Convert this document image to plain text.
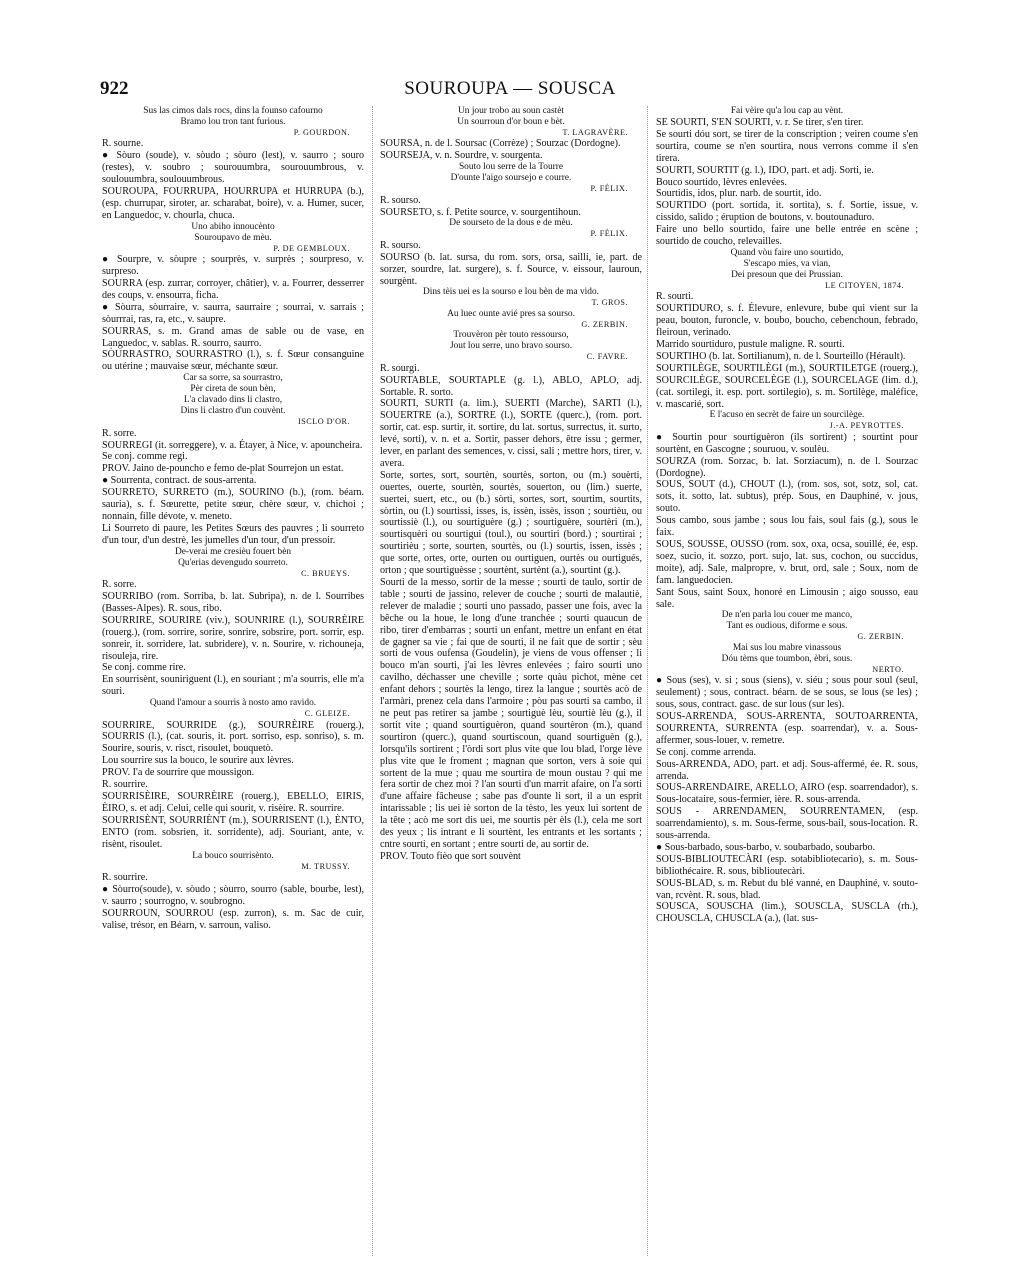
922	SOUROUPA — SOUSCA

Sus las cimos dals rocs, dins la founso cafourno

Bramo lou tron tant furious.

P. GOURDON.

R. sourne.

● Sòuro (soude), v. sòudo ; sòuro (lest), v. saurro ; souro (restes), v. soubro ; sourouumbra, sourouumbrous, v. soulouumbra, soulouumbrous.

SOUROUPA, FOURRUPA, HOURRUPA et HURRUPA (b.), (esp. churrupar, siroter, ar. scharabat, boire), v. a. Humer, sucer, en Languedoc, v. chourla, chuca.

Uno abiho innoucènto

Souroupavo de mèu.

P. DE GEMBLOUX.

● Sourpre, v. sòupre ; sourprès, v. surprès ; sourpreso, v. surpreso.

SOURRA (esp. zurrar, corroyer, châtier), v. a. Fourrer, desserrer des coups, v. ensourra, ficha.

● Sòurra, sòurraire, v. saurra, saurraire ; sourrai, v. sarrais ; sòurrrai, ras, ra, etc., v. saupre.

SOURRAS, s. m. Grand amas de sable ou de vase, en Languedoc, v. sablas. R. sourro, saurro.

SÒURRASTRO, SOURRASTRO (l.), s. f. Sœur consanguine ou utérine ; mauvaise sœur, méchante sœur.

Car sa sorre, sa sourrastro,

Pèr cireta de soun bèn,

L'a clavado dins li clastro,

Dins li clastro d'un couvènt.

ISCLO D'OR.

R. sorre.

SOURREGI (it. sorreggere), v. a. Étayer, à Nice, v. apouncheira.

Se conj. comme regi.

PROV. Jaino de-pouncho e femo de-plat Sourrejon un estat.

● Sourrenta, contract. de sous-arrenta.

SOURRETO, SURRETO (m.), SOURINO (b.), (rom. béarn. sauria), s. f. Sœurette, petite sœur, chère sœur, v. chichoi ; nonnain, fille dévote, v. meneto.

Li Sourreto di paure, les Petites Sœurs des pauvres ; li sourreto d'un tour, d'un destrè, les jumelles d'un tour, d'un pressoir.

De-verai me cresièu fouert bèn

Qu'erias devengudo sourreto.

C. BRUEYS.

R. sorre.

SOURRIBO (rom. Sorriba, b. lat. Subripa), n. de l. Sourribes (Basses-Alpes). R. sous, ribo.

SOURRIRE, SOURIRE (viv.), SOUNRIRE (l.), SOURRÈIRE (rouerg.), (rom. sorrire, sorire, sonrire, sobsrire, port. sorrir, esp. sonreir, it. sorridere, lat. subridere), v. n. Sourire, v. richouneja, risouleja, rire.

Se conj. comme rire.

En sourrisènt, souniriguent (l.), en souriant ; m'a sourris, elle m'a souri.

Quand l'amour a sourris à nosto amo ravido.

C. GLEIZE.

SOURRIRE, SOURRIDE (g.), SOURRÈIRE (rouerg.), SOURRIS (l.), (cat. souris, it. port. sorriso, esp. sonriso), s. m. Sourire, souris, v. risct, risoulet, bouquetò.

Lou sourrire sus la bouco, le sourire aux lèvres.

PROV. I'a de sourrire que moussigon.

R. sourrire.

SOURRISÈIRE, SOURRÈIRE (rouerg.), EBELLO, EIRIS, ÈIRO, s. et adj. Celui, celle qui sourit, v. risèire. R. sourrire.

SOURRISÈNT, SOURRIÈNT (m.), SOURRISENT (l.), ÈNTO, ENTO (rom. sobsrien, it. sorridente), adj. Souriant, ante, v. risènt, risoulet.

La bouco sourrisènto.

M. TRUSSY.

R. sourrire.

● Sòurro(soude), v. sòudo ; sòurro, sourro (sable, bourbe, lest), v. saurro ; sourrogno, v. soubrogno.

SOURROUN, SOURROU (esp. zurron), s. m. Sac de cuir, valise, trésor, en Béarn, v. sarroun, valiso.

Un jour trobo au soun castèt

Un sourroun d'or boun e bèt.

T. LAGRAVÈRE.

SOURSA, n. de l. Soursac (Corrèze) ; Sourzac (Dordogne).

SOURSEJA, v. n. Sourdre, v. sourgenta.

Souto lou serre de la Tourre

D'ounte l'aigo soursejo e courre.

P. FÉLIX.

R. sourso.

SOURSETO, s. f. Petite source, v. sourgentihoun.

De sourseto de la dous e de mèu.

P. FÉLIX.

R. sourso.

SOURSO (b. lat. sursa, du rom. sors, orsa, sailli, ie, part. de sorzer, sourdre, lat. surgere), s. f. Source, v. eissour, lauroun, sourgènt.

Dins tèis uei es la sourso e lou bèn de ma vido.

T. GROS.

Au luec ounte avié pres sa sourso.

G. ZERBIN.

Trouvèron pèr touto ressourso,

Jout lou serre, uno bravo sourso.

C. FAVRE.

R. sourgi.

SOURTABLE, SOURTAPLE (g. l.), ABLO, APLO, adj. Sortable. R. sorto.

SOURTI, SURTI (a. lim.), SUERTI (Marche), SARTI (l.), SOUERTRE (a.), SORTRE (l.), SORTE (querc.), (rom. port. sortir, cat. esp. surtir, it. sortire, du lat. sortus, surrectus, it. surto, levé, sorti), v. n. et a. Sortir, passer dehors, être issu ; germer, lever, en parlant des semences, v. cissi, sali ; mettre hors, tirer, v. avera.

Sorte, sortes, sort, sourtèn, sourtès, sorton, ou (m.) souèrti, ouertes, ouerte, sourtèn, sourtès, souerton, ou (lim.) suerte, suertei, suert, etc., ou (b.) sòrti, sortes, sort, sourtim, sourtits, sòrtin, ou (l.) sourtissi, isses, is, issèn, issès, isson ; sourtièu, ou sourtissiè (l.), ou sourtiguère (g.) ; sourtiguère, sourtèri (m.), sourtisquèri ou sourtigui (toul.), ou sourtiri (bord.) ; sourtirai ; sourtirièu ; sorte, sourten, sourtès, ou (l.) sourtis, issen, issès ; que sorte, ortes, orte, ourten ou ourtiguen, ourtès ou ourtigués, orton ; que sourtiguèsse ; sourtènt, surtènt (a.), sourtint (g.).

Sourti de la messo, sortir de la messe ; sourti de taulo, sortir de table ; sourti de jassino, relever de couche ; sourti de malautiè, relever de maladie ; sourti uno passado, passer une fois, avec la bêche ou la houe, le long d'une tranchée ; sourti quaucun de ribo, tirer d'embarras ; sourti un enfant, mettre un enfant en état de gagner sa vie ; fai que de sourti, il ne fait que de sortir ; sèu sorti de vous oufensa (Goudelin), je viens de vous offenser ; li bouco m'an sourti, j'ai les lèvres enlevées ; fairo sourti uno cavilho, déchasser une cheville ; sorte quàu pichot, mène cet enfant dehors ; sourtès la lengo, tirez la langue ; sourtès acò de l'armàri, prenez cela dans l'armoire ; pòu pas sourti sa cambo, il ne peut pas retirer sa jambe ; sourtiguè lèu, sourtiè lèu (g.), il sortit vite ; quand sourtiguèron, quand sourtèron (m.), quand sourtiron (querc.), quand sourtiscoun, quand sourtiguèn (g.), lorsqu'ils sortirent ; l'òrdi sort plus vite que lou blad, l'orge lève plus vite que le froment ; magnan que sorton, vers à soie qui sortent de la mue ; quau me sourtira de moun oustau ? qui me fera sortir de chez moi ? l'an sourti d'un marrit afaire, on l'a sorti d'une affaire fâcheuse ; sabe pas d'ounte li sort, il a un esprit intarissable ; lis uei iè sorton de la tèsto, les yeux lui sortent de la tête ; acò me sort dis uei, me sourtis pèr èls (l.), cela me sort des yeux ; lis intrant e li sourtènt, les entrants et les sortants ; cntre sourti, en sortant ; entre sourti de, au sortir de.

PROV. Touto fièo que sort souvènt

Fai vèire qu'a lou cap au vènt.

SE SOURTI, S'EN SOURTI, v. r. Se tirer, s'en tirer.

Se sourti dóu sort, se tirer de la conscription ; veiren coume s'en sourtira, coume se n'en sourtira, nous verrons comme il s'en tirera.

SOURTI, SOURTIT (g. l.), IDO, part. et adj. Sorti, ie.

Bouco sourtido, lèvres enlevées.

Sourtidis, idos, plur. narb. de sourtit, ido.

SOURTIDO (port. sortida, it. sortita), s. f. Sortie, issue, v. cissido, salido ; éruption de boutons, v. boutounaduro.

Faire uno bello sourtido, faire une belle entrée en scène ; sourtido de coucho, relevailles.

Quand vòu faire uno sourtido,

S'escapo mies, va vian,

Dei presoun que dei Prussian.

LE CITOYEN, 1874.

R. sourti.

SOURTIDURO, s. f. Élevure, enlevure, bube qui vient sur la peau, bouton, furoncle, v. boubo, boucho, cebenchoun, febrado, fleiroun, verinado.

Marrido sourtiduro, pustule maligne. R. sourti.

SOURTIHO (b. lat. Sortilianum), n. de l. Sourteillo (Hérault).

SOURTILÈGE, SOURTILÈGI (m.), SOURTILETGE (rouerg.), SOURCILÈGE, SOURCELÈGE (l.), SOURCELAGE (lim. d.), (cat. sortilegi, it. esp. port. sortilegio), s. m. Sortilège, maléfice, v. mascarié, sort.

E l'acuso en secrèt de faire un sourcilège.

J.-A. PEYROTTES.

● Sourtin pour sourtiguèron (ils sortirent) ; sourtint pour sourtènt, en Gascogne ; souruou, v. soulèu.

SOURZA (rom. Sorzac, b. lat. Sorziacum), n. de l. Sourzac (Dordogne).

SOUS, SOUT (d.), CHOUT (l.), (rom. sos, sot, sotz, sol, cat. sots, it. sotto, lat. subtus), prép. Sous, en Dauphiné, v. jous, souto.

Sous cambo, sous jambe ; sous lou fais, soul fais (g.), sous le faix.

SOUS, SOUSSE, OUSSO (rom. sox, oxa, ocsa, souillé, ée, esp. soez, sucio, it. sozzo, port. sujo, lat. sus, cochon, ou succidus, moite), adj. Sale, malpropre, v. brut, ord, sale ; Soux, nom de fam. languedocien.

Sant Sous, saint Soux, honoré en Limousin ; aigo sousso, eau sale.

De n'en parla lou couer me manco,

Tant es oudious, diforme e sous.

G. ZERBIN.

Mai sus lou mabre vinassous

Dóu tèms que toumbon, èbri, sous.

NERTO.

● Sous (ses), v. si ; sous (siens), v. siéu ; sous pour soul (seul, seulement) ; sous, contract. béarn. de se sous, se lous (se les) ; sous, sous, contract. gasc. de sur lous (sur les).

SOUS-ARRENDA, SOUS-ARRENTA, SOUTOARRENTA, SOURRENTA, SURRENTA (esp. soarrendar), v. a. Sous-affermer, sous-louer, v. remetre.

Se conj. comme arrenda.

Sous-ARRENDA, ADO, part. et adj. Sous-affermé, ée. R. sous, arrenda.

SOUS-ARRENDAIRE, ARELLO, AIRO (esp. soarrendador), s. Sous-locataire, sous-fermier, ière. R. sous-arrenda.

SOUS - ARRENDAMEN, SOURRENTAMEN, (esp. soarrendamiento), s. m. Sous-ferme, sous-bail, sous-location. R. sous-arrenda.

● Sous-barbado, sous-barbo, v. soubarbado, soubarbo.

SOUS-BIBLIOUTECÀRI (esp. sotabibliotecario), s. m. Sous-bibliothécaire. R. sous, biblioutecàri.

SOUS-BLAD, s. m. Rebut du blé vanné, en Dauphiné, v. souto-van, rcvènt. R. sous, blad.

SOUSCA, SOUSCHA (lim.), SOUSCLA, SUSCLA (rh.), CHOUSCLA, CHUSCLA (a.), (lat. sus-
